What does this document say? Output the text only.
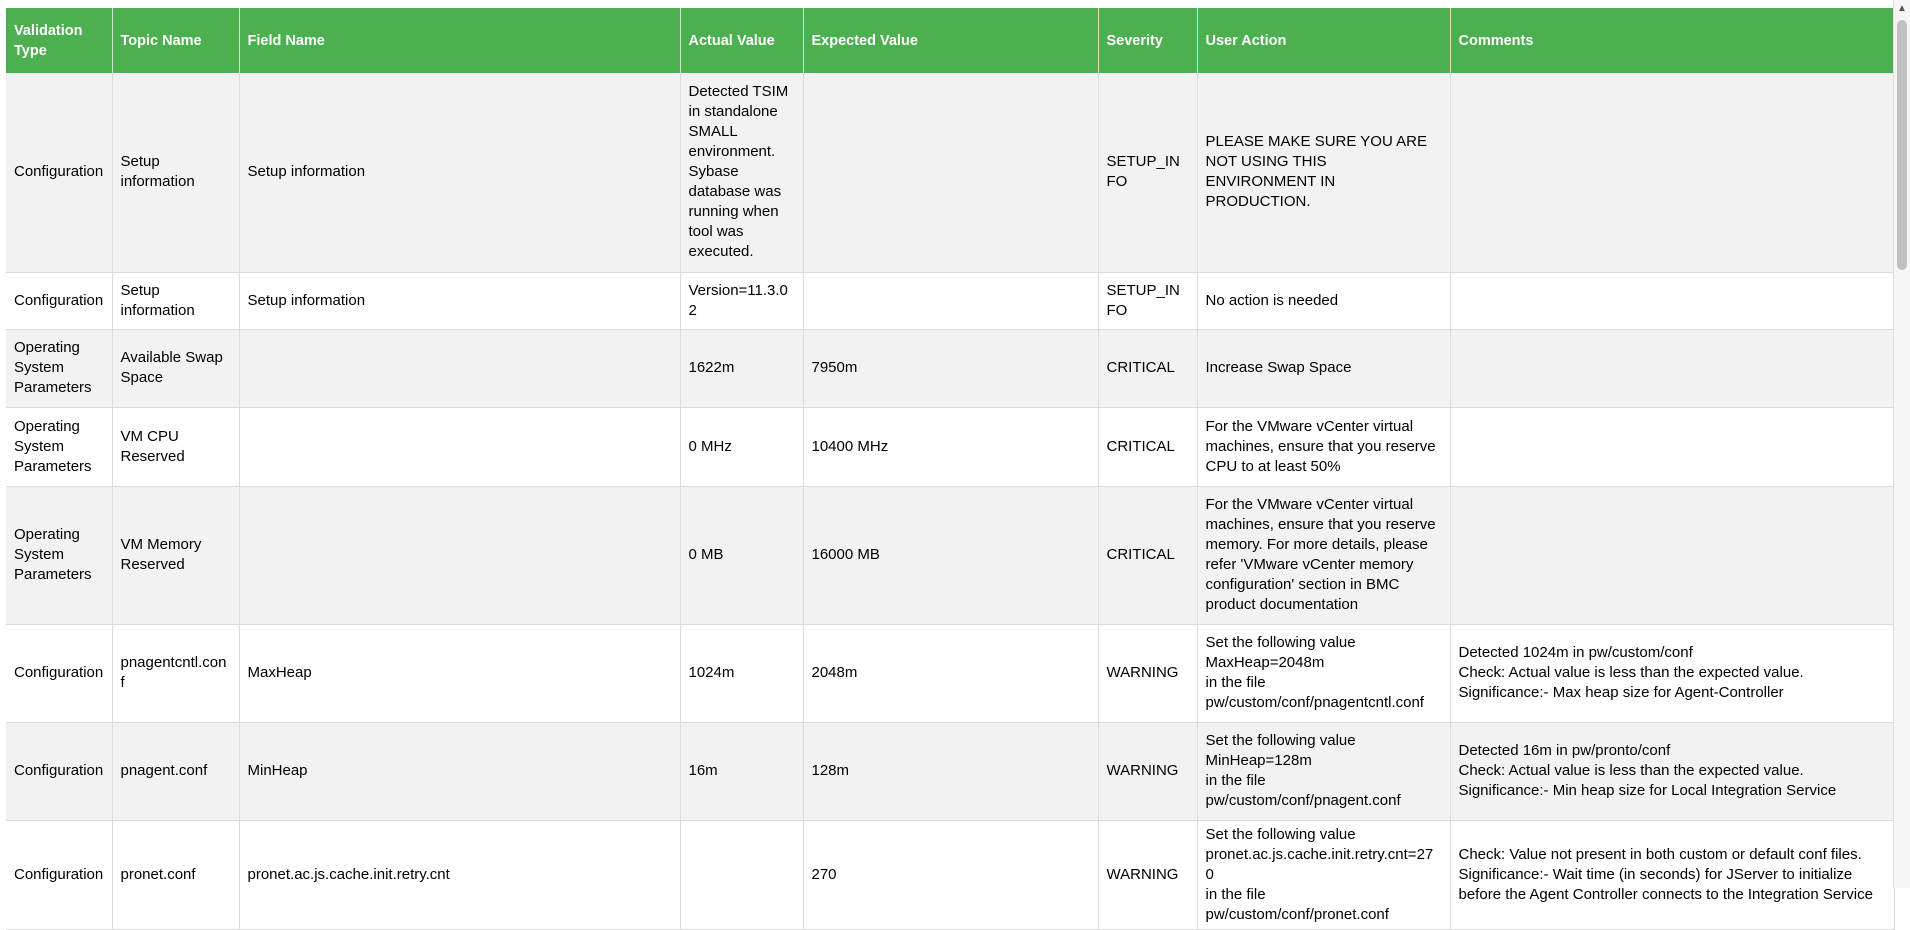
Validation Type	Topic Name	Field Name	Actual Value	Expected Value	Severity	User Action	Comments
Configuration	Setup information	Setup information	Detected TSIM in standalone SMALL environment. Sybase database was running when tool was executed.		SETUP_INFO	PLEASE MAKE SURE YOU ARE NOT USING THIS ENVIRONMENT IN PRODUCTION.	
Configuration	Setup information	Setup information	Version=11.3.02		SETUP_INFO	No action is needed	
Operating System Parameters	Available Swap Space		1622m	7950m	CRITICAL	Increase Swap Space	
Operating System Parameters	VM CPU Reserved		0 MHz	10400 MHz	CRITICAL	For the VMware vCenter virtual machines, ensure that you reserve CPU to at least 50%	
Operating System Parameters	VM Memory Reserved		0 MB	16000 MB	CRITICAL	For the VMware vCenter virtual machines, ensure that you reserve memory. For more details, please refer 'VMware vCenter memory configuration' section in BMC product documentation	
Configuration	pnagentcntl.conf	MaxHeap	1024m	2048m	WARNING	Set the following value
MaxHeap=2048m
in the file
pw/custom/conf/pnagentcntl.conf	Detected 1024m in pw/custom/conf
Check: Actual value is less than the expected value.
Significance:- Max heap size for Agent-Controller
Configuration	pnagent.conf	MinHeap	16m	128m	WARNING	Set the following value
MinHeap=128m
in the file
pw/custom/conf/pnagent.conf	Detected 16m in pw/pronto/conf
Check: Actual value is less than the expected value.
Significance:- Min heap size for Local Integration Service
Configuration	pronet.conf	pronet.ac.js.cache.init.retry.cnt		270	WARNING	Set the following value
pronet.ac.js.cache.init.retry.cnt=270
in the file
pw/custom/conf/pronet.conf	Check: Value not present in both custom or default conf files.
Significance:- Wait time (in seconds) for JServer to initialize before the Agent Controller connects to the Integration Service
▲
